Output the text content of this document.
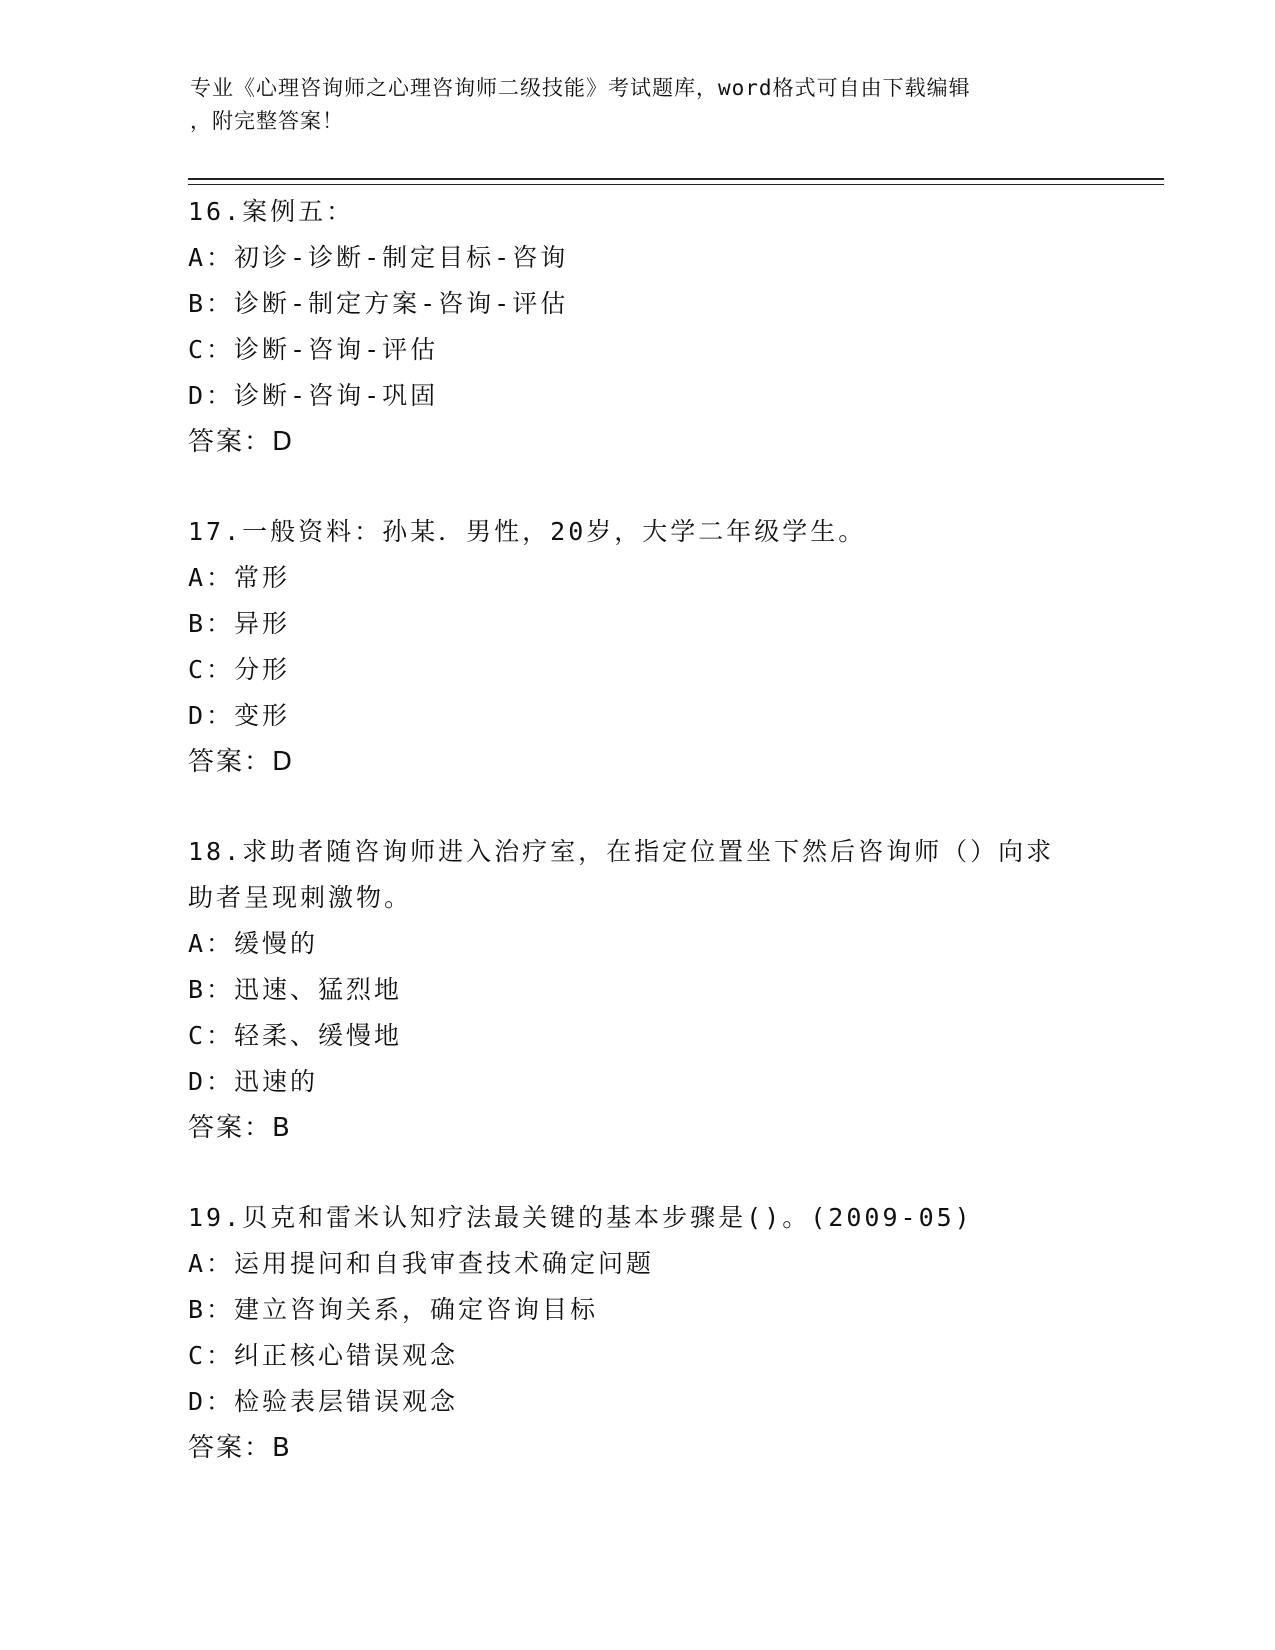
专业《心理咨询师之心理咨询师二级技能》考试题库，word格式可自由下载编辑
，附完整答案！
16.案例五：
A：初诊-诊断-制定目标-咨询
B：诊断-制定方案-咨询-评估
C：诊断-咨询-评估
D：诊断-咨询-巩固
答案：D
17.一般资料：孙某．男性，20岁，大学二年级学生。
A：常形
B：异形
C：分形
D：变形
答案：D
18.求助者随咨询师进入治疗室，在指定位置坐下然后咨询师（）向求
助者呈现刺激物。
A：缓慢的
B：迅速、猛烈地
C：轻柔、缓慢地
D：迅速的
答案：B
19.贝克和雷米认知疗法最关键的基本步骤是()。(2009-05)
A：运用提问和自我审查技术确定问题
B：建立咨询关系，确定咨询目标
C：纠正核心错误观念
D：检验表层错误观念
答案：B
